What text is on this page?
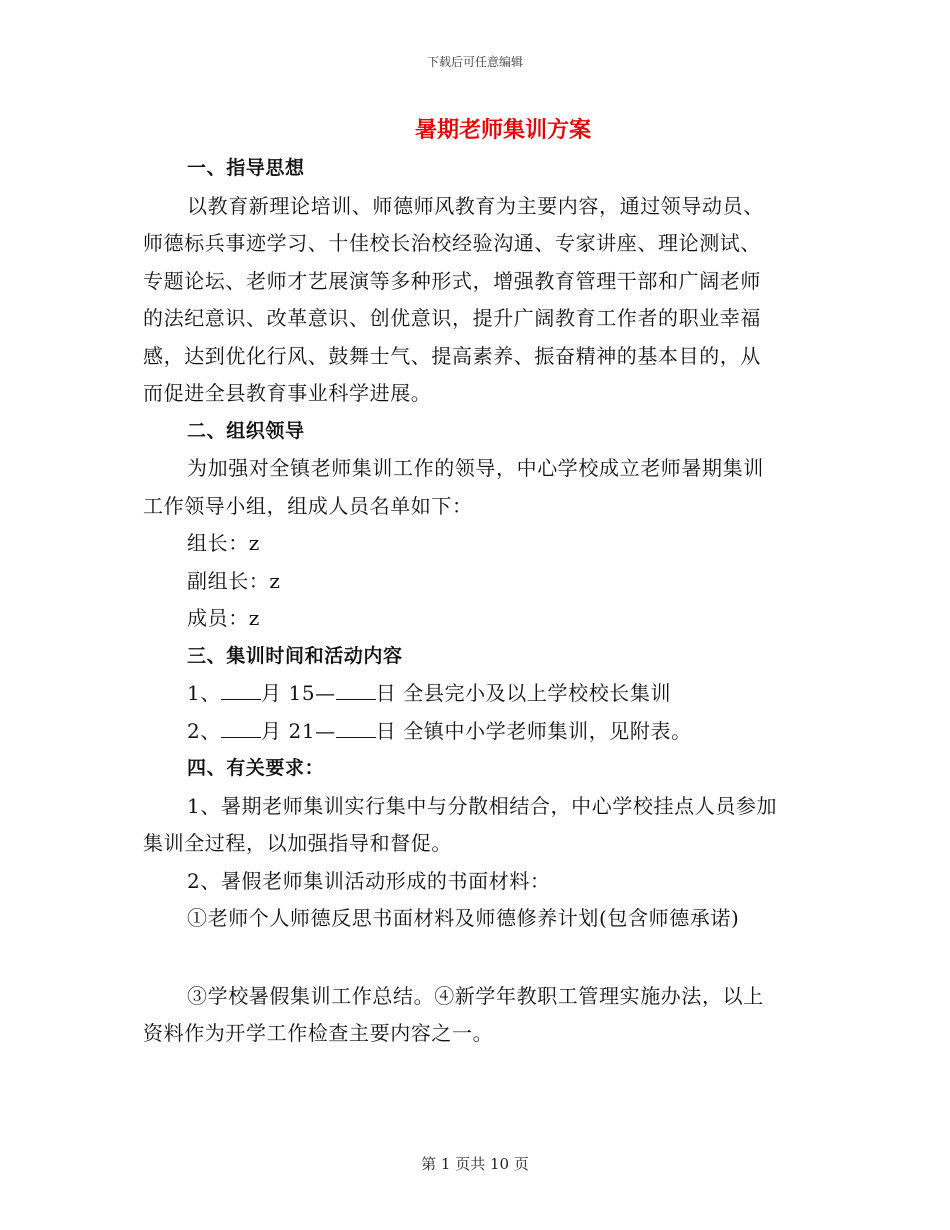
下载后可任意编辑
暑期老师集训方案
一、指导思想
以教育新理论培训、师德师风教育为主要内容，通过领导动员、
师德标兵事迹学习、十佳校长治校经验沟通、专家讲座、理论测试、
专题论坛、老师才艺展演等多种形式，增强教育管理干部和广阔老师
的法纪意识、改革意识、创优意识，提升广阔教育工作者的职业幸福
感，达到优化行风、鼓舞士气、提高素养、振奋精神的基本目的，从
而促进全县教育事业科学进展。
二、组织领导
为加强对全镇老师集训工作的领导，中心学校成立老师暑期集训
工作领导小组，组成人员名单如下：
组长：z
副组长：z
成员：z
三、集训时间和活动内容
1、 月 15— 日 全县完小及以上学校校长集训
2、 月 21— 日 全镇中小学老师集训，见附表。
四、有关要求：
1、暑期老师集训实行集中与分散相结合，中心学校挂点人员参加
集训全过程，以加强指导和督促。
2、暑假老师集训活动形成的书面材料：
①老师个人师德反思书面材料及师德修养计划(包含师德承诺)
③学校暑假集训工作总结。④新学年教职工管理实施办法，以上
资料作为开学工作检查主要内容之一。
第 1 页共 10 页
